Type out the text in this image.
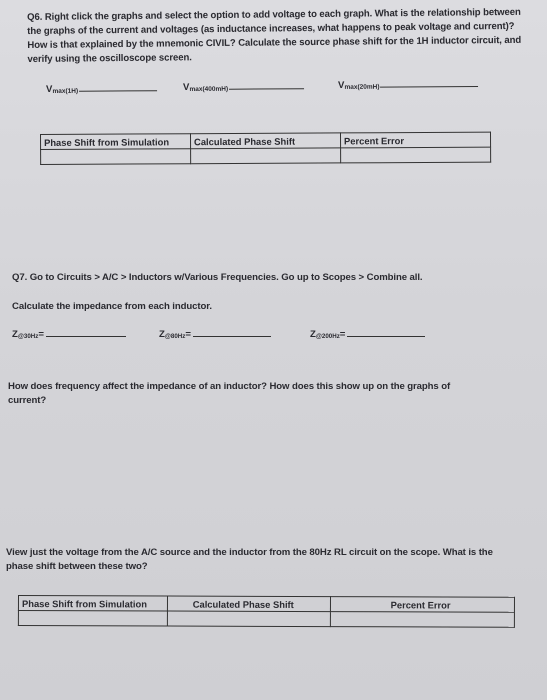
Q6. Right click the graphs and select the option to add voltage to each graph. What is the relationship between the graphs of the current and voltages (as inductance increases, what happens to peak voltage and current)? How is that explained by the mnemonic CIVIL? Calculate the source phase shift for the 1H inductor circuit, and verify using the oscilloscope screen.
V max(1H)	V max(400mH)	V max(20mH)
Phase Shift from Simulation	Calculated Phase Shift	Percent Error

Q7. Go to Circuits > A/C > Inductors w/Various Frequencies. Go up to Scopes > Combine all.
Calculate the impedance from each inductor.
$Z_{@30Hz}$ =	$Z_{@80Hz}$ =	$Z_{@200Hz}$ =
How does frequency affect the impedance of an inductor? How does this show up on the graphs of current?
View just the voltage from the A/C source and the inductor from the 80Hz RL circuit on the scope. What is the phase shift between these two?
Phase Shift from Simulation	Calculated Phase Shift	Percent Error
